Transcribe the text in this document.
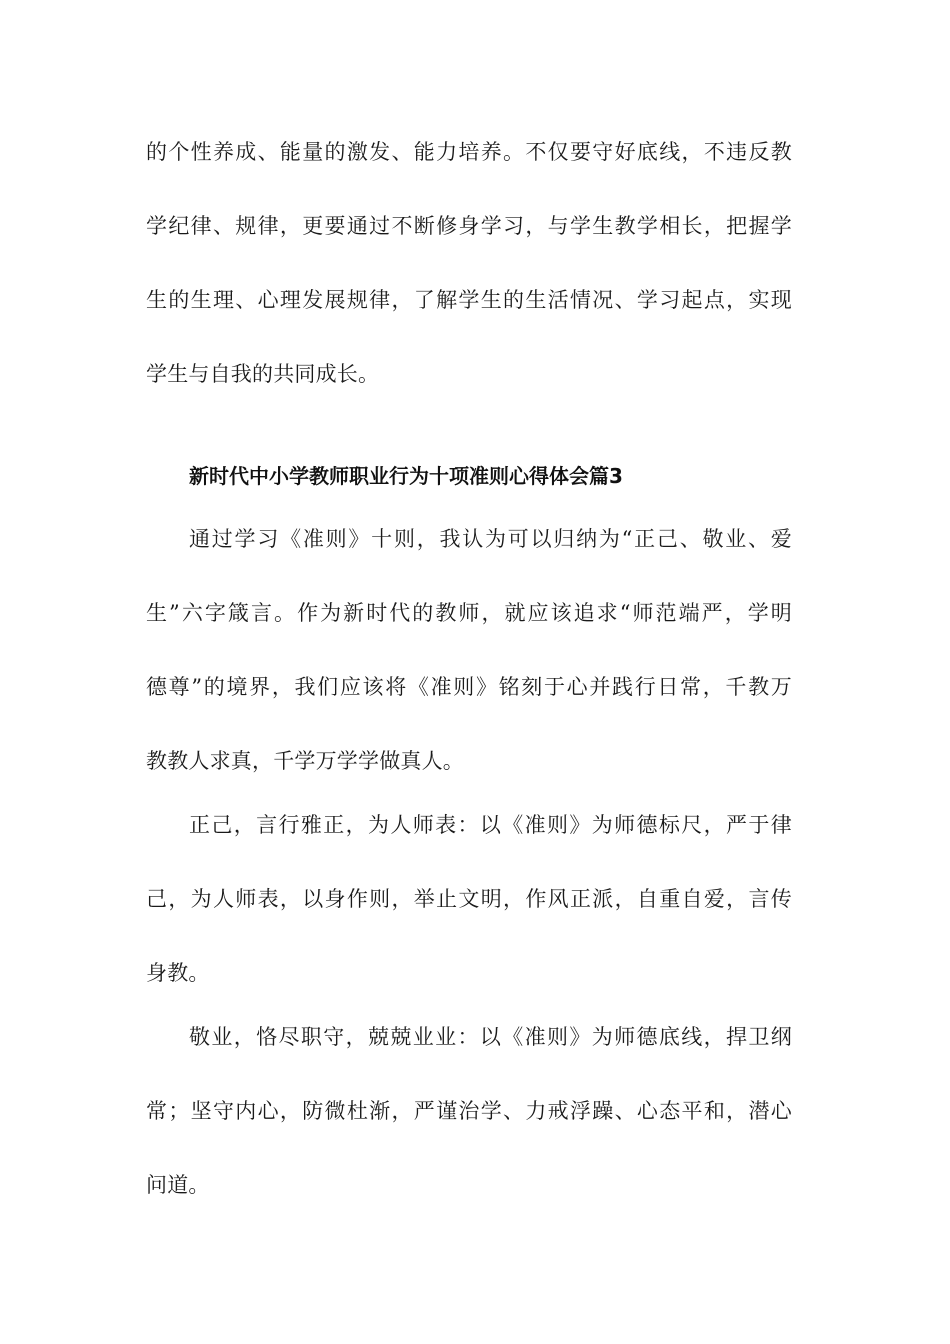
的个性养成、能量的激发、能力培养。不仅要守好底线，不违反教
学纪律、规律，更要通过不断修身学习，与学生教学相长，把握学
生的生理、心理发展规律，了解学生的生活情况、学习起点，实现
学生与自我的共同成长。
新时代中小学教师职业行为十项准则心得体会篇3
通过学习《准则》十则，我认为可以归纳为“正己、敬业、爱
生”六字箴言。作为新时代的教师，就应该追求“师范端严，学明
德尊”的境界，我们应该将《准则》铭刻于心并践行日常，千教万
教教人求真，千学万学学做真人。
正己，言行雅正，为人师表：以《准则》为师德标尺，严于律
己，为人师表，以身作则，举止文明，作风正派，自重自爱，言传
身教。
敬业，恪尽职守，兢兢业业：以《准则》为师德底线，捍卫纲
常；坚守内心，防微杜渐，严谨治学、力戒浮躁、心态平和，潜心
问道。
